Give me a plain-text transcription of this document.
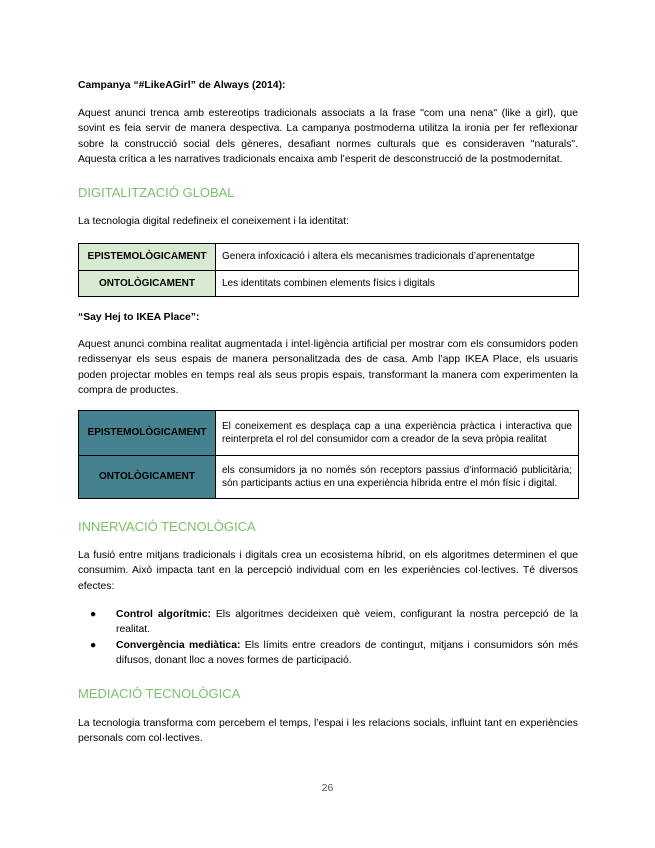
Campanya “#LikeAGirl” de Always (2014):
Aquest anunci trenca amb estereotips tradicionals associats a la frase "com una nena" (like a girl), que sovint es feia servir de manera despectiva. La campanya postmoderna utilitza la ironia per fer reflexionar sobre la construcció social dels gèneres, desafiant normes culturals que es consideraven "naturals". Aquesta crítica a les narratives tradicionals encaixa amb l’esperit de desconstrucció de la postmodernitat.
DIGITALITZACIÓ GLOBAL
La tecnologia digital redefineix el coneixement i la identitat:
EPISTEMOLÒGICAMENT	Genera infoxicació i altera els mecanismes tradicionals d’aprenentatge
ONTOLÒGICAMENT	Les identitats combinen elements físics i digitals
“Say Hej to IKEA Place”:
Aquest anunci combina realitat augmentada i intel·ligència artificial per mostrar com els consumidors poden redissenyar els seus espais de manera personalitzada des de casa. Amb l’app IKEA Place, els usuaris poden projectar mobles en temps real als seus propis espais, transformant la manera com experimenten la compra de productes.
EPISTEMOLÒGICAMENT	El coneixement es desplaça cap a una experiència pràctica i interactiva que reinterpreta el rol del consumidor com a creador de la seva pròpia realitat
ONTOLÒGICAMENT	els consumidors ja no només són receptors passius d’informació publicitària; són participants actius en una experiència híbrida entre el món físic i digital.
INNERVACIÓ TECNOLÒGICA
La fusió entre mitjans tradicionals i digitals crea un ecosistema híbrid, on els algoritmes determinen el que consumim. Això impacta tant en la percepció individual com en les experiències col·lectives. Té diversos efectes:
● Control algorítmic: Els algoritmes decideixen què veiem, configurant la nostra percepció de la realitat.
● Convergència mediàtica: Els límits entre creadors de contingut, mitjans i consumidors són més difusos, donant lloc a noves formes de participació.
MEDIACIÓ TECNOLÒGICA
La tecnologia transforma com percebem el temps, l’espai i les relacions socials, influint tant en experiències personals com col·lectives.
26
